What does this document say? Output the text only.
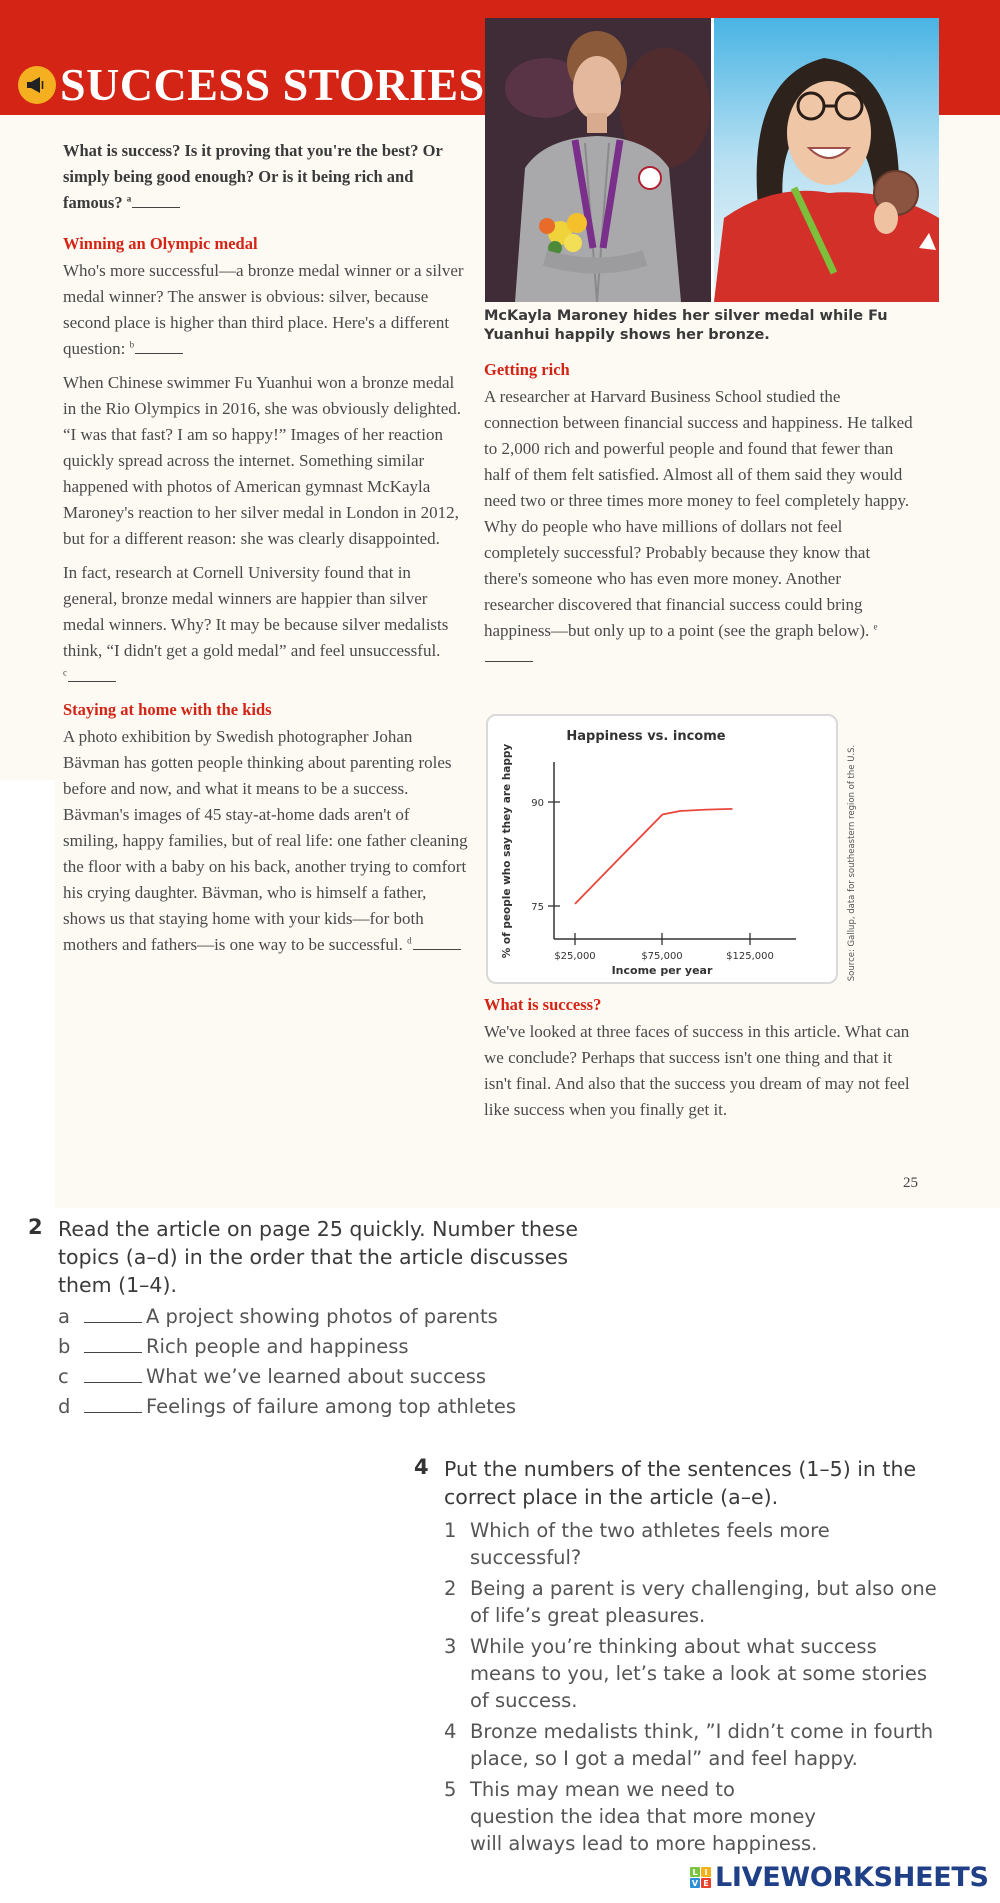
SUCCESS STORIES
McKayla Maroney hides her silver medal while Fu Yuanhui happily shows her bronze.
What is success? Is it proving that you're the best? Or simply being good enough? Or is it being rich and famous? $^a$
Winning an Olympic medal

Who's more successful—a bronze medal winner or a silver medal winner? The answer is obvious: silver, because second place is higher than third place. Here's a different question: $^b$

When Chinese swimmer Fu Yuanhui won a bronze medal in the Rio Olympics in 2016, she was obviously delighted. “I was that fast? I am so happy!” Images of her reaction quickly spread across the internet. Something similar happened with photos of American gymnast McKayla Maroney's reaction to her silver medal in London in 2012, but for a different reason: she was clearly disappointed.

In fact, research at Cornell University found that in general, bronze medal winners are happier than silver medal winners. Why? It may be because silver medalists think, “I didn't get a gold medal” and feel unsuccessful.
$^c$

Staying at home with the kids

A photo exhibition by Swedish photographer Johan Bävman has gotten people thinking about parenting roles before and now, and what it means to be a success. Bävman's images of 45 stay-at-home dads aren't of smiling, happy families, but of real life: one father cleaning the floor with a baby on his back, another trying to comfort his crying daughter. Bävman, who is himself a father, shows us that staying home with your kids—for both mothers and fathers—is one way to be successful. $^d$

Getting rich

A researcher at Harvard Business School studied the connection between financial success and happiness. He talked to 2,000 rich and powerful people and found that fewer than half of them felt satisfied. Almost all of them said they would need two or three times more money to feel completely happy. Why do people who have millions of dollars not feel completely successful? Probably because they know that there's someone who has even more money. Another researcher discovered that financial success could bring happiness—but only up to a point (see the graph below). $^e$

Happiness vs. income
90
75
$25,000	$75,000	$125,000
Income per year
% of people who say they are happy	Source: Gallup, data for southeastern region of the U.S.
What is success?

We've looked at three faces of success in this article. What can we conclude? Perhaps that success isn't one thing and that it isn't final. And also that the success you dream of may not feel like success when you finally get it.

25
2 Read the article on page 25 quickly. Number these topics (a–d) in the order that the article discusses them (1–4).
a	A project showing photos of parents
b	Rich people and happiness
c	What we’ve learned about success
d	Feelings of failure among top athletes
4 Put the numbers of the sentences (1–5) in the correct place in the article (a–e).
1 Which of the two athletes feels more successful?
2 Being a parent is very challenging, but also one of life’s great pleasures.
3 While you’re thinking about what success means to you, let’s take a look at some stories of success.
4 Bronze medalists think, ”I didn’t come in fourth place, so I got a medal” and feel happy.
5 This may mean we need to question the idea that more money will always lead to more happiness.
L I
V E LIVEWORKSHEETS
